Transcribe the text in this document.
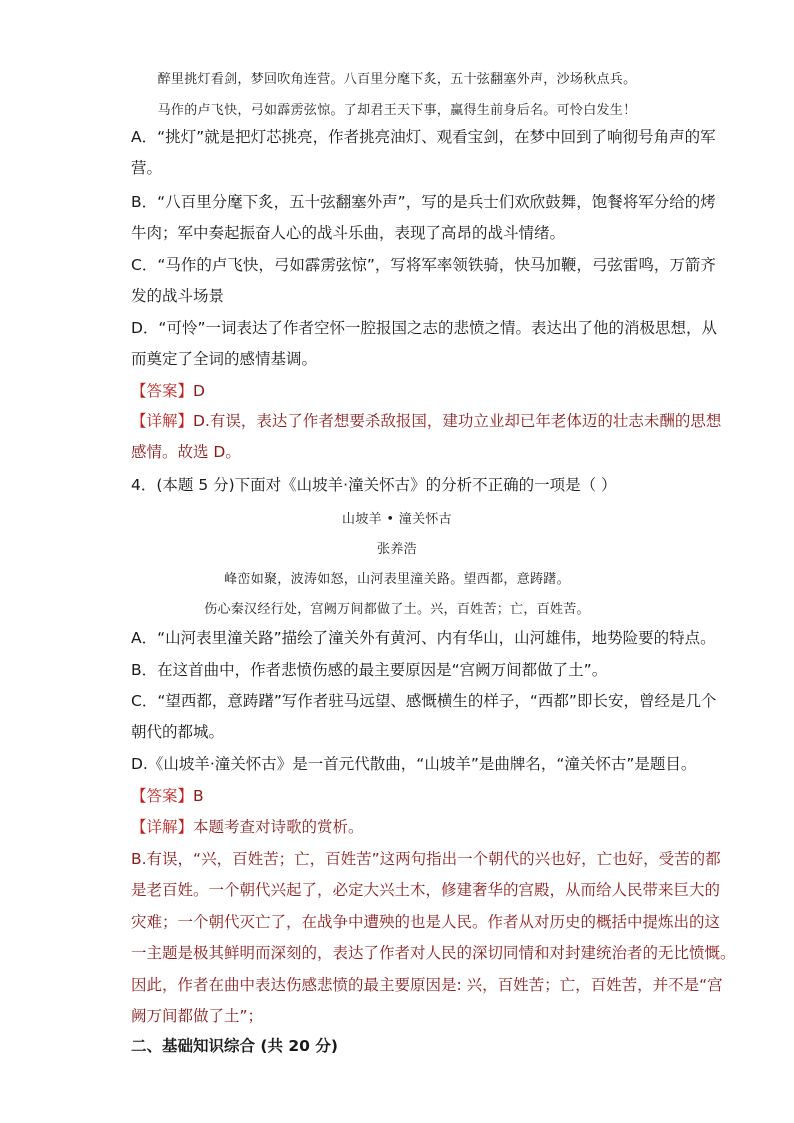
醉里挑灯看剑，梦回吹角连营。八百里分麾下炙，五十弦翻塞外声，沙场秋点兵。
马作的卢飞快，弓如霹雳弦惊。了却君王天下事，赢得生前身后名。可怜白发生！
A．“挑灯”就是把灯芯挑亮，作者挑亮油灯、观看宝剑，在梦中回到了响彻号角声的军
营。
B．“八百里分麾下炙，五十弦翻塞外声”，写的是兵士们欢欣鼓舞，饱餐将军分给的烤
牛肉；军中奏起振奋人心的战斗乐曲，表现了高昂的战斗情绪。
C．“马作的卢飞快，弓如霹雳弦惊”，写将军率领铁骑，快马加鞭，弓弦雷鸣，万箭齐
发的战斗场景
D．“可怜”一词表达了作者空怀一腔报国之志的悲愤之情。表达出了他的消极思想，从
而奠定了全词的感情基调。
【答案】D
【详解】D.有误，表达了作者想要杀敌报国，建功立业却已年老体迈的壮志未酬的思想
感情。故选 D。
4．(本题 5 分)下面对《山坡羊·潼关怀古》的分析不正确的一项是（ ）
山坡羊 • 潼关怀古
张养浩
峰峦如聚，波涛如怒，山河表里潼关路。望西都，意踌躇。
伤心秦汉经行处，宫阙万间都做了土。兴，百姓苦；亡，百姓苦。
A．“山河表里潼关路”描绘了潼关外有黄河、内有华山，山河雄伟，地势险要的特点。
B．在这首曲中，作者悲愤伤感的最主要原因是“宫阙万间都做了土”。
C．“望西都，意踌躇”写作者驻马远望、感慨横生的样子，“西都”即长安，曾经是几个
朝代的都城。
D.《山坡羊·潼关怀古》是一首元代散曲，“山坡羊”是曲牌名，“潼关怀古”是题目。
【答案】B
【详解】本题考查对诗歌的赏析。
B.有误，“兴，百姓苦；亡，百姓苦”这两句指出一个朝代的兴也好，亡也好，受苦的都
是老百姓。一个朝代兴起了，必定大兴土木，修建奢华的宫殿，从而给人民带来巨大的
灾难；一个朝代灭亡了，在战争中遭殃的也是人民。作者从对历史的概括中提炼出的这
一主题是极其鲜明而深刻的，表达了作者对人民的深切同情和对封建统治者的无比愤慨。
因此，作者在曲中表达伤感悲愤的最主要原因是: 兴，百姓苦；亡，百姓苦，并不是“宫
阙万间都做了土”；
二、基础知识综合 (共 20 分)
